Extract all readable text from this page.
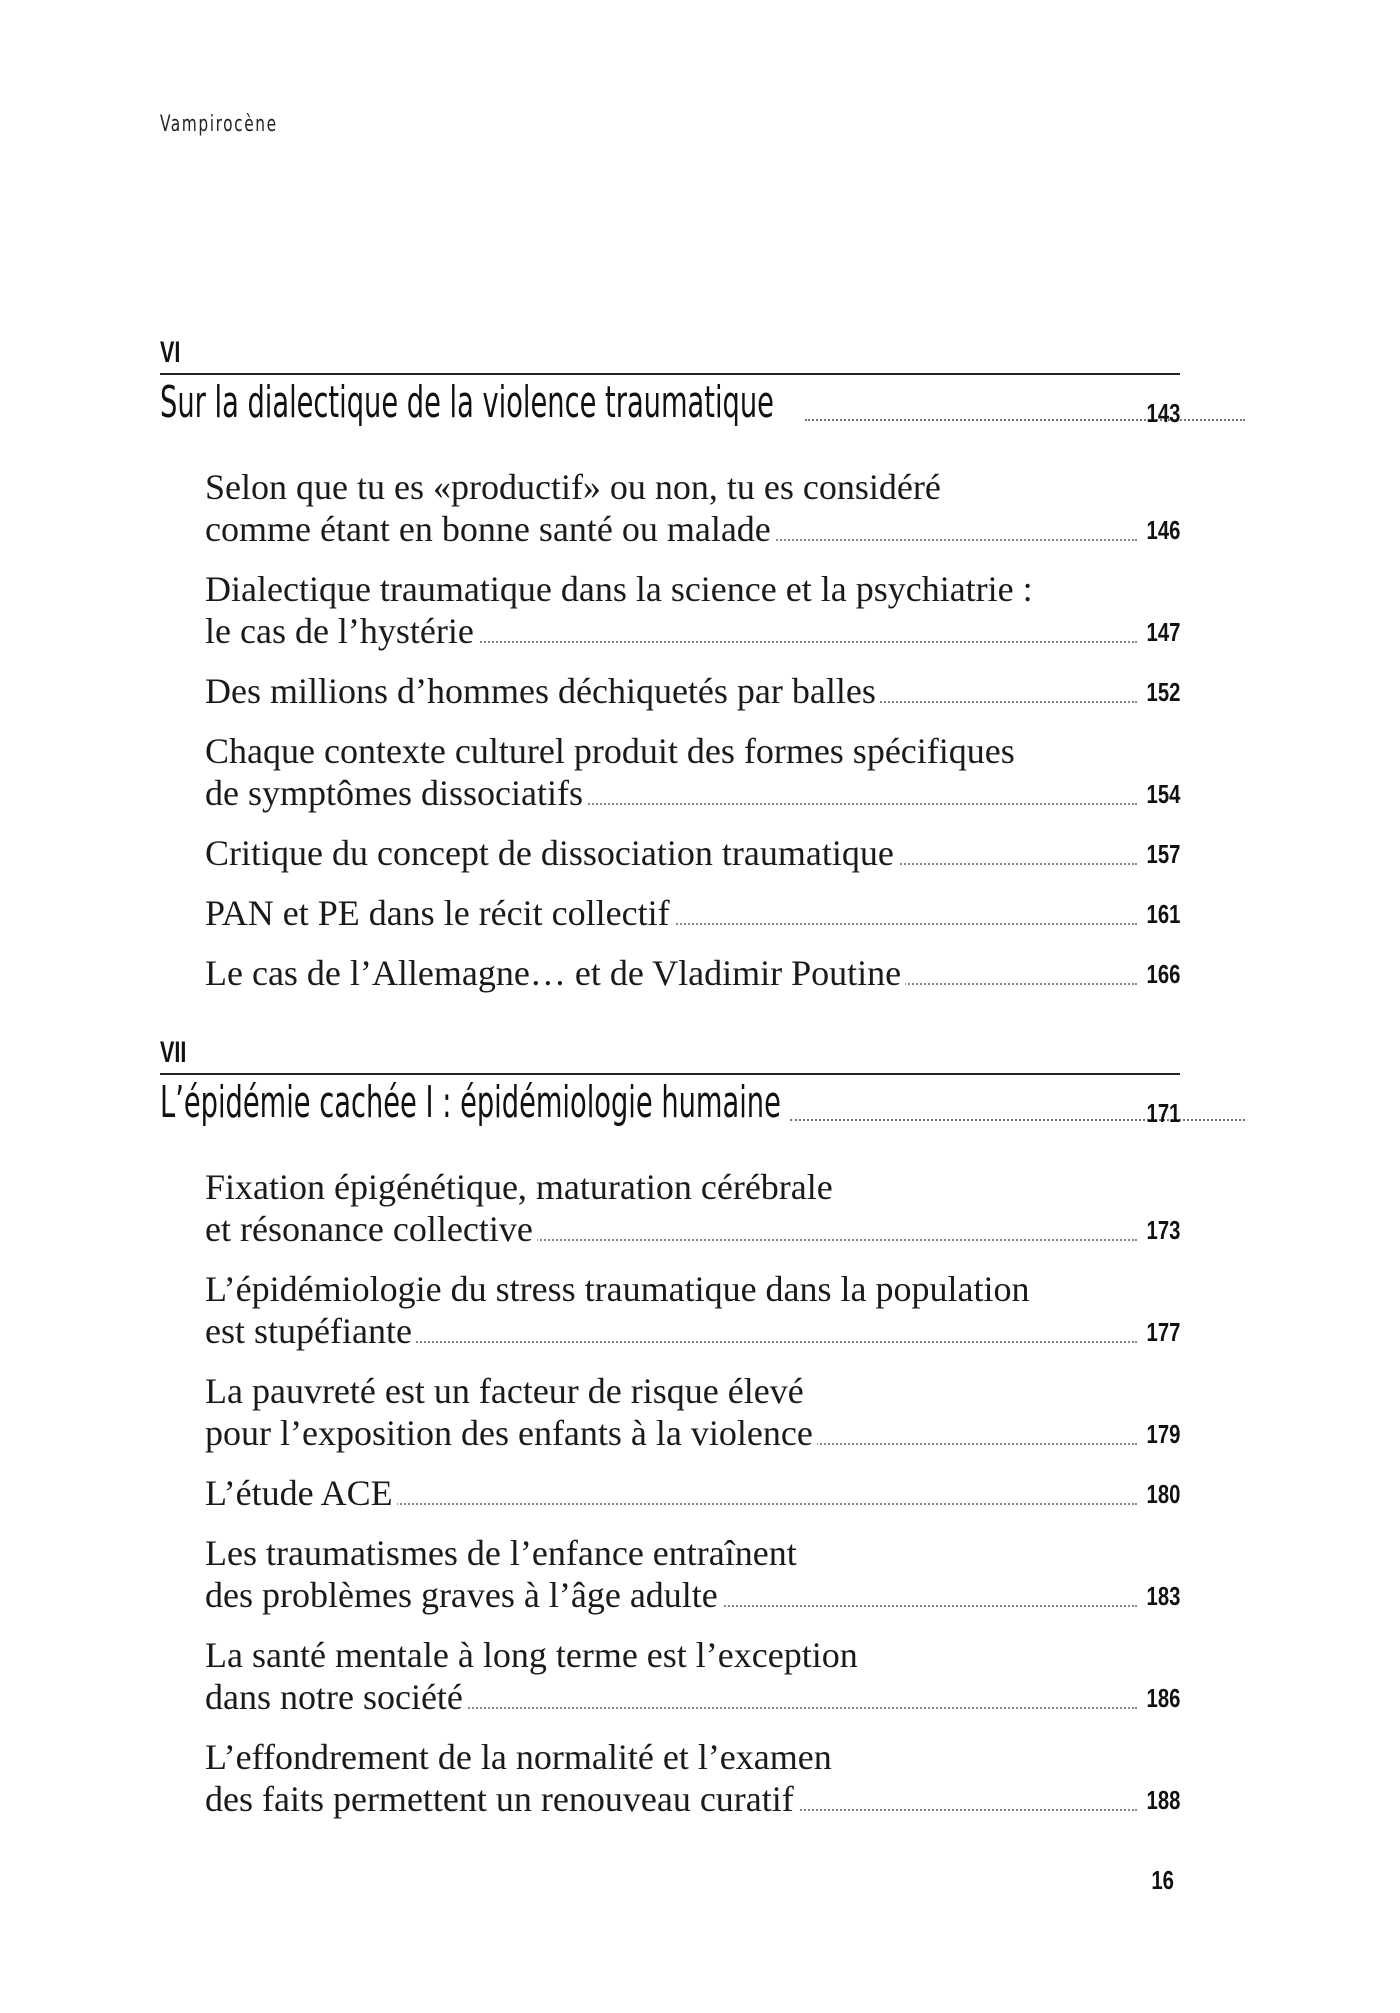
Vampirocène
VI
Sur la dialectique de la violence traumatique	143
Selon que tu es «productif» ou non, tu es considéré
comme étant en bonne santé ou malade	146
Dialectique traumatique dans la science et la psychiatrie :
le cas de l’hystérie	147
Des millions d’hommes déchiquetés par balles	152
Chaque contexte culturel produit des formes spécifiques
de symptômes dissociatifs	154
Critique du concept de dissociation traumatique	157
PAN et PE dans le récit collectif	161
Le cas de l’Allemagne… et de Vladimir Poutine	166
VII
L’épidémie cachée I : épidémiologie humaine	171
Fixation épigénétique, maturation cérébrale
et résonance collective	173
L’épidémiologie du stress traumatique dans la population
est stupéfiante	177
La pauvreté est un facteur de risque élevé
pour l’exposition des enfants à la violence	179
L’étude ACE	180
Les traumatismes de l’enfance entraînent
des problèmes graves à l’âge adulte	183
La santé mentale à long terme est l’exception
dans notre société	186
L’effondrement de la normalité et l’examen
des faits permettent un renouveau curatif	188
16
